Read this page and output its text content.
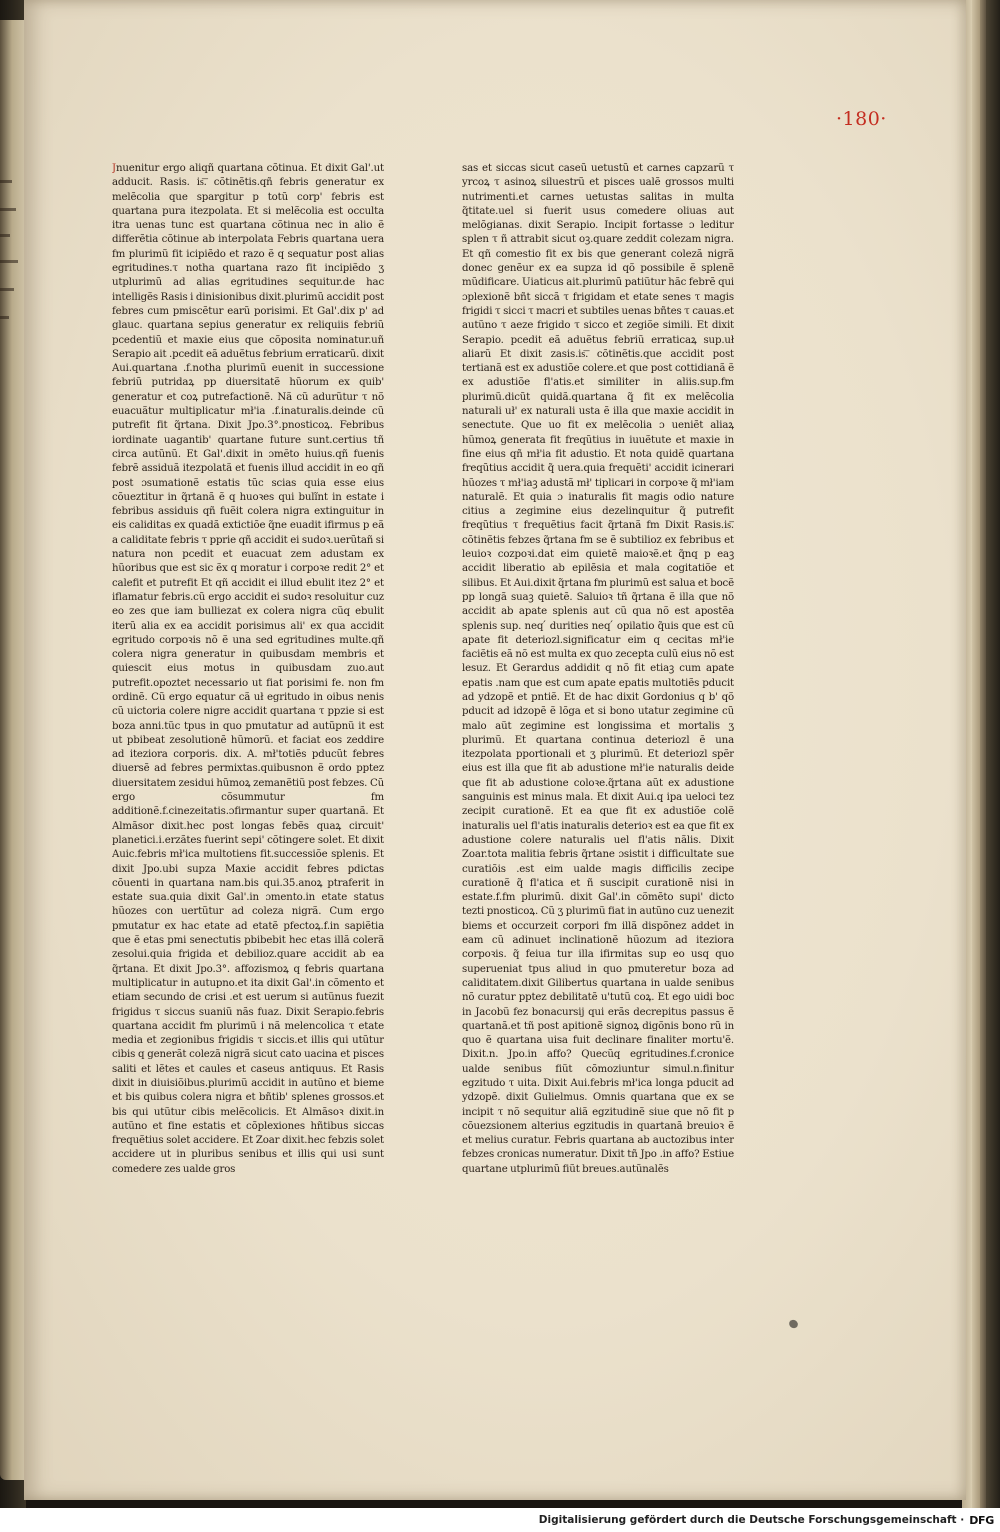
·180·

Jnuenitur ergo aliqñ quartana cõtinua. Et dixit Gal'.ut adducit. Rasis. is͞. cõtinẽtis.qñ febris generatur ex melẽcolia que spargitur p totũ corp' febris est quartana pura itezpolata. Et si melẽcolia est occulta itra uenas tunc est quartana cõtinua nec in alio ẽ differẽtia cõtinue ab interpolata Febris quartana uera fm plurimũ fit icipiẽdo et razo ẽ q sequatur post alias egritudines.τ notha quartana razo fit incipiẽdo ʒ utplurimũ ad alias egritudines sequitur.de hac intelligẽs Rasis i dinisionibus dixit.plurimũ accidit post febres cum pmiscẽtur earũ porisimi. Et Gal'.dix p' ad glauc. quartana sepius generatur ex reliquiis febriũ pcedentiũ et maxie eius que cõposita nominatur.uñ Serapio ait .pcedit eã aduẽtus febrium erraticarũ. dixit Aui.quartana .f.notha plurimũ euenit in successione febriũ putridaꝝ pp diuersitatẽ hũorum ex quib' generatur et coꝝ putrefactionẽ. Nã cũ adurũtur τ nõ euacuãtur multiplicatur mł'ia .f.inaturalis.deinde cũ putrefit fit q̃rtana. Dixit Jpo.3°.pnosticoꝝ. Febribus iordinate uagantib' quartane future sunt.certius tñ circa autũnũ. Et Gal'.dixit in ɔmẽto huius.qñ fuenis febrẽ assiduã itezpolatã et fuenis illud accidit in eo qñ post ɔsumationẽ estatis tũc scias quia esse eius cõueztitur in q̃rtanã ẽ q huoꝛes qui bulĩnt in estate i febribus assiduis qñ fuẽit colera nigra extinguitur in eis caliditas ex quadã extictiõe q̃ne euadit ifirmus p eã a caliditate febris τ pprie qñ accidit ei sudoꝛ.uerũtañ si natura non pcedit et euacuat zem adustam ex hũoribus que est sic ẽx q moratur i corpoꝛe redit 2° et calefit et putrefit Et qñ accidit ei illud ebulit itez 2° et iflamatur febris.cũ ergo accidit ei sudoꝛ resoluitur cuz eo zes que iam bulliezat ex colera nigra cũq ebulit iterũ alia ex ea accidit porisimus ali' ex qua accidit egritudo corpoꝛis nõ ẽ una sed egritudines multe.qñ colera nigra generatur in quibusdam membris et quiescit eius motus in quibusdam zuo.aut putrefit.opoztet necessario ut fiat porisimi fe. non fm ordinẽ. Cũ ergo equatur cã uł egritudo in oibus nenis cũ uictoria colere nigre accidit quartana τ ppzie si est boza anni.tũc tpus in quo pmutatur ad autũpnũ it est ut pbibeat zesolutionẽ hũmorũ. et faciat eos zeddire ad iteziora corporis. dix. A. mł'totiẽs pducũt febres diuersẽ ad febres permixtas.quibusnon ẽ ordo pptez diuersitatem zesidui hũmoꝝ zemanẽtiũ post febzes. Cũ ergo cõsummutur fm additionẽ.f.cinezeitatis.ɔfirmantur super quartanã. Et Almãsor dixit.hec post longas febẽs quaꝝ circuit' planetici.i.erzãtes fuerint sepi' cõtingere solet. Et dixit Auic.febris mł'ica multotiens fit.successiõe splenis. Et dixit Jpo.ubi supza Maxie accidit febres pdictas cõuenti in quartana nam.bis qui.35.anoꝝ ptraferit in estate sua.quia dixit Gal'.in ɔmento.in etate status hũozes con uertũtur ad coleza nigrã. Cum ergo pmutatur ex hac etate ad etatẽ pfectoꝝ.f.in sapiẽtia que ẽ etas pmi senectutis pbibebit hec etas illã colerã zesolui.quia frigida et debilioz.quare accidit ab ea q̃rtana. Et dixit Jpo.3°. affozismoꝝ q febris quartana multiplicatur in autupno.et ita dixit Gal'.in cõmento et etiam secundo de crisi .et est uerum si autũnus fuezit frigidus τ siccus suaniũ nãs fuaz. Dixit Serapio.febris quartana accidit fm plurimũ i nã melencolica τ etate media et zegionibus frigidis τ siccis.et illis qui utũtur cibis q generãt colezã nigrã sicut cato uacina et pisces saliti et lẽtes et caules et caseus antiquus. Et Rasis dixit in diuisiõibus.plurimũ accidit in autũno et bieme et bis quibus colera nigra et bñtib' splenes grossos.et bis qui utũtur cibis melẽcolicis. Et Almãsoꝛ dixit.in autũno et fine estatis et cõplexiones hñtibus siccas frequẽtius solet accidere. Et Zoar dixit.hec febzis solet accidere ut in pluribus senibus et illis qui usi sunt comedere zes ualde gros

sas et siccas sicut caseũ uetustũ et carnes capzarũ τ yrcoꝝ τ asinoꝝ siluestrũ et pisces ualẽ grossos multi nutrimenti.et carnes uetustas salitas in multa q̃titate.uel si fuerit usus comedere oliuas aut melõgianas. dixit Serapio. Incipit fortasse ɔ leditur splen τ ñ attrabit sicut oꝫ.quare zeddit colezam nigra. Et qñ comestio fit ex bis que generant colezã nigrã donec genẽur ex ea supza id qõ possibile ẽ splenẽ mũdificare. Uiaticus ait.plurimũ patiũtur hãc febrẽ qui ɔplexionẽ bñt siccã τ frigidam et etate senes τ magis frigidi τ sicci τ macri et subtiles uenas bñtes τ cauas.et autũno τ aeze frigido τ sicco et zegiõe simili. Et dixit Serapio. pcedit eã aduẽtus febriũ erraticaꝝ sup.uł aliarũ Et dixit zasis.is͞. cõtinẽtis.que accidit post tertianã est ex adustiõe colere.et que post cottidianã ẽ ex adustiõe fl'atis.et similiter in aliis.sup.fm plurimũ.dicũt quidã.quartana q̃ fit ex melẽcolia naturali uł' ex naturali usta ẽ illa que maxie accidit in senectute. Que uo fit ex melẽcolia ɔ ueniẽt aliaꝝ hũmoꝝ generata fit freqũtius in iuuẽtute et maxie in fine eius qñ mł'ia fit adustio. Et nota quidẽ quartana freqũtius accidit q̃ uera.quia frequẽti' accidit icinerari hũozes τ mł'iaꝫ adustã mł' tiplicari in corpoꝛe q̃ mł'iam naturalẽ. Et quia ɔ inaturalis fit magis odio nature citius a zegimine eius dezelinquitur q̃ putrefit freqũtius τ frequẽtius facit q̃rtanã fm Dixit Rasis.is͞. cõtinẽtis febzes q̃rtana fm se ẽ subtilioz ex febribus et leuioꝛ cozpoꝛi.dat eim quietẽ maioꝛẽ.et q̃nq p eaꝫ accidit liberatio ab epilẽsia et mala cogitatiõe et silibus. Et Aui.dixit q̃rtana fm plurimũ est salua et bocẽ pp longã suaꝫ quietẽ. Saluioꝛ tñ q̃rtana ẽ illa que nõ accidit ab apate splenis aut cũ qua nõ est apostẽa splenis sup. neq ́ durities neq ́ opilatio q̃uis que est cũ apate fit deteriozl.significatur eim q cecitas mł'ie faciẽtis eã nõ est multa ex quo zecepta culũ eius nõ est lesuz. Et Gerardus addidit q nõ fit etiaꝫ cum apate epatis .nam que est cum apate epatis multotiẽs pducit ad ydzopẽ et pntiẽ. Et de hac dixit Gordonius q b' qõ pducit ad idzopẽ ẽ lõga et si bono utatur zegimine cũ malo aũt zegimine est longissima et mortalis ʒ plurimũ. Et quartana continua deteriozl ẽ una itezpolata pportionali et ʒ plurimũ. Et deteriozl spẽr eius est illa que fit ab adustione mł'ie naturalis deide que fit ab adustione coloꝛe.q̃rtana aũt ex adustione sanguinis est minus mala. Et dixit Aui.q ipa ueloci tez zecipit curationẽ. Et ea que fit ex adustiõe colẽ inaturalis uel fl'atis inaturalis deterioꝛ est ea que fit ex adustione colere naturalis uel fl'atis nãlis. Dixit Zoar.tota malitia febris q̃rtane ɔsistit i difficultate sue curatiõis .est eim ualde magis difficilis zecipe curationẽ q̃ fl'atica et ñ suscipit curationẽ nisi in estate.f.fm plurimũ. dixit Gal'.in cõmẽto supi' dicto tezti pnosticoꝝ. Cũ ʒ plurimũ fiat in autũno cuz uenezit biems et occurzeit corpori fm illã dispõnez addet in eam cũ adinuet inclinationẽ hũozum ad iteziora corpoꝛis. q̃ feiua tur illa ifirmitas sup eo usq quo superueniat tpus aliud in quo pmuteretur boza ad caliditatem.dixit Gilibertus quartana in ualde senibus nõ curatur pptez debilitatẽ u'tutũ coꝝ. Et ego uidi boc in Jacobũ fez bonacursij qui erãs decrepitus passus ẽ quartanã.et tñ post apitionẽ signoꝝ digõnis bono rũ in quo ẽ quartana uisa fuit declinare finaliter mortu'ẽ. Dixit.n. Jpo.in affo? Quecũq egritudines.f.cronice ualde senibus fiũt cõmoziuntur simul.n.finitur egzitudo τ uita. Dixit Aui.febris mł'ica longa pducit ad ydzopẽ. dixit Gulielmus. Omnis quartana que ex se incipit τ nõ sequitur aliã egzitudinẽ siue que nõ fit p cõuezsionem alterius egzitudis in quartanã breuioꝛ ẽ et melius curatur. Febris quartana ab auctozibus inter febzes cronicas numeratur. Dixit tñ Jpo .in affo? Estiue quartane utplurimũ fiũt breues.autũnalẽs

Digitalisierung gefördert durch die Deutsche Forschungsgemeinschaft · DFG
